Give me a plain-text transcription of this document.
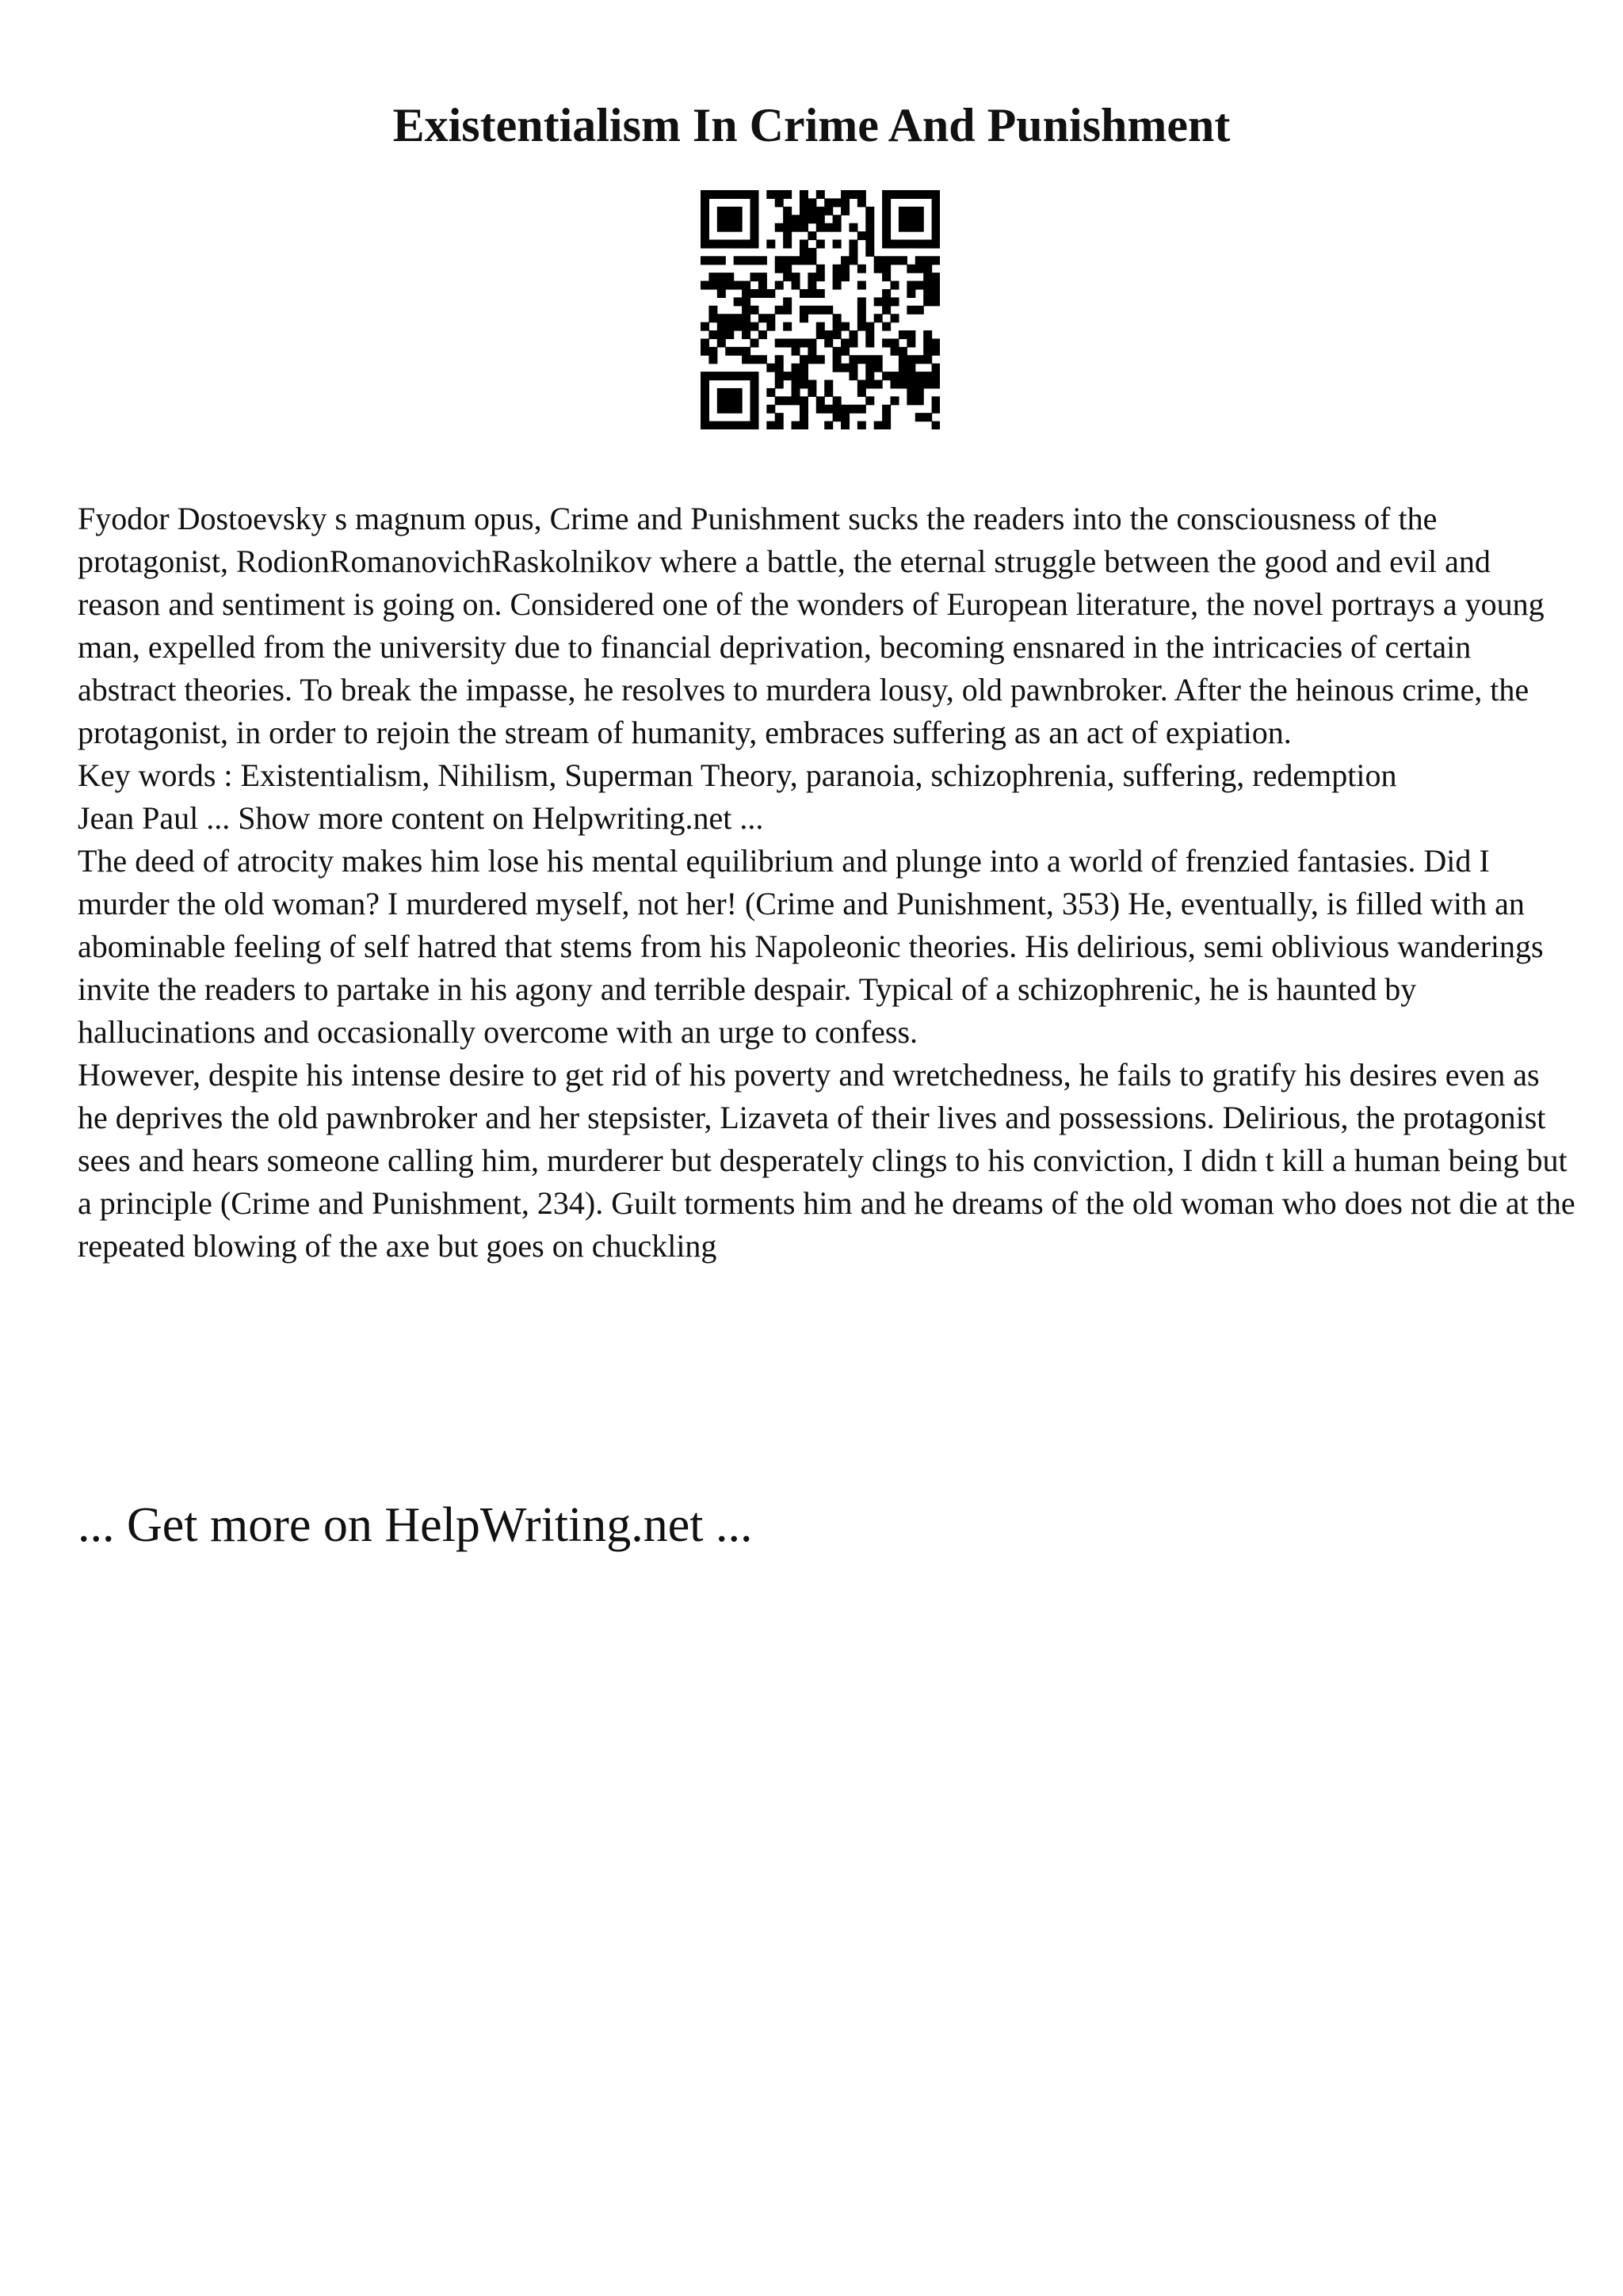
Existentialism In Crime And Punishment

Fyodor Dostoevsky s magnum opus, Crime and Punishment sucks the readers into the consciousness of the protagonist, RodionRomanovichRaskolnikov where a battle, the eternal struggle between the good and evil and reason and sentiment is going on. Considered one of the wonders of European literature, the novel portrays a young man, expelled from the university due to financial deprivation, becoming ensnared in the intricacies of certain abstract theories. To break the impasse, he resolves to murdera lousy, old pawnbroker. After the heinous crime, the protagonist, in order to rejoin the stream of humanity, embraces suffering as an act of expiation.

Key words : Existentialism, Nihilism, Superman Theory, paranoia, schizophrenia, suffering, redemption

Jean Paul ... Show more content on Helpwriting.net ...

The deed of atrocity makes him lose his mental equilibrium and plunge into a world of frenzied fantasies. Did I murder the old woman? I murdered myself, not her! (Crime and Punishment, 353) He, eventually, is filled with an abominable feeling of self hatred that stems from his Napoleonic theories. His delirious, semi oblivious wanderings invite the readers to partake in his agony and terrible despair. Typical of a schizophrenic, he is haunted by hallucinations and occasionally overcome with an urge to confess.

However, despite his intense desire to get rid of his poverty and wretchedness, he fails to gratify his desires even as he deprives the old pawnbroker and her stepsister, Lizaveta of their lives and possessions. Delirious, the protagonist sees and hears someone calling him, murderer but desperately clings to his conviction, I didn t kill a human being but a principle (Crime and Punishment, 234). Guilt torments him and he dreams of the old woman who does not die at the repeated blowing of the axe but goes on chuckling

... Get more on HelpWriting.net ...
